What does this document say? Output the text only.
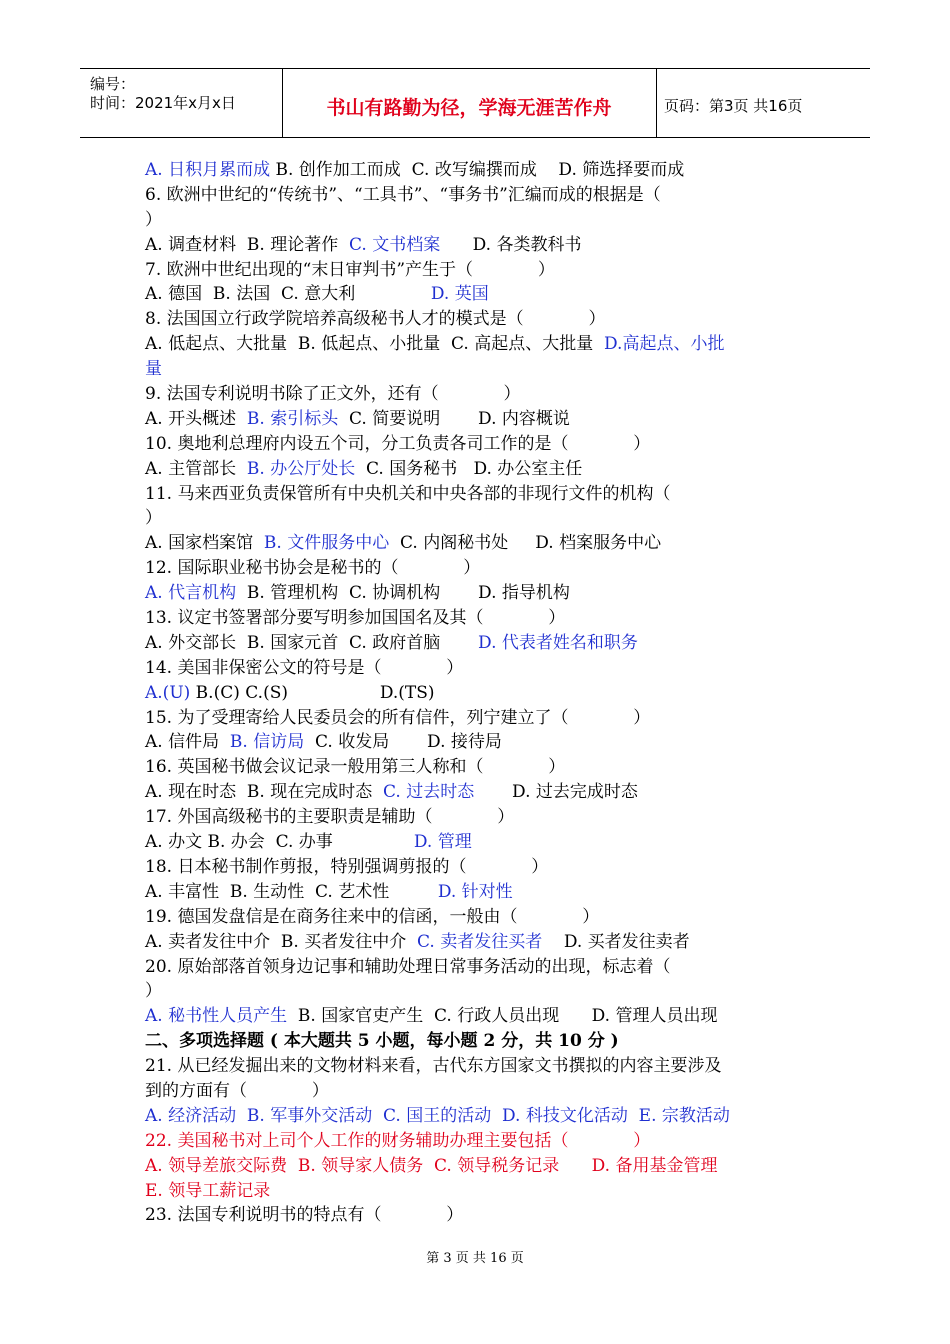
编号：
时间：2021年x月x日	书山有路勤为径，学海无涯苦作舟	页码：第3页 共16页
A. 日积月累而成 B. 创作加工而成  C. 改写编撰而成    D. 筛选择要而成
6. 欧洲中世纪的“传统书”、“工具书”、“事务书”汇编而成的根据是（
）
A. 调查材料  B. 理论著作  C. 文书档案      D. 各类教科书
7. 欧洲中世纪出现的“末日审判书”产生于（            ）
A. 德国  B. 法国  C. 意大利              D. 英国
8. 法国国立行政学院培养高级秘书人才的模式是（            ）
A. 低起点、大批量  B. 低起点、小批量  C. 高起点、大批量  D.高起点、小批
量
9. 法国专利说明书除了正文外，还有（            ）
A. 开头概述  B. 索引标头  C. 简要说明       D. 内容概说
10. 奥地利总理府内设五个司，分工负责各司工作的是（            ）
A. 主管部长  B. 办公厅处长  C. 国务秘书   D. 办公室主任
11. 马来西亚负责保管所有中央机关和中央各部的非现行文件的机构（
）
A. 国家档案馆  B. 文件服务中心  C. 内阁秘书处     D. 档案服务中心
12. 国际职业秘书协会是秘书的（            ）
A. 代言机构  B. 管理机构  C. 协调机构       D. 指导机构
13. 议定书签署部分要写明参加国国名及其（            ）
A. 外交部长  B. 国家元首  C. 政府首脑       D. 代表者姓名和职务
14. 美国非保密公文的符号是（            ）
A.(U) B.(C) C.(S)                 D.(TS)
15. 为了受理寄给人民委员会的所有信件，列宁建立了（            ）
A. 信件局  B. 信访局  C. 收发局       D. 接待局
16. 英国秘书做会议记录一般用第三人称和（            ）
A. 现在时态  B. 现在完成时态  C. 过去时态       D. 过去完成时态
17. 外国高级秘书的主要职责是辅助（            ）
A. 办文 B. 办会  C. 办事               D. 管理
18. 日本秘书制作剪报，特别强调剪报的（            ）
A. 丰富性  B. 生动性  C. 艺术性         D. 针对性
19. 德国发盘信是在商务往来中的信函，一般由（            ）
A. 卖者发往中介  B. 买者发往中介  C. 卖者发往买者    D. 买者发往卖者
20. 原始部落首领身边记事和辅助处理日常事务活动的出现，标志着（
）
A. 秘书性人员产生  B. 国家官吏产生  C. 行政人员出现      D. 管理人员出现
二、多项选择题 ( 本大题共 5 小题，每小题 2 分，共 10 分 )
21. 从已经发掘出来的文物材料来看，古代东方国家文书撰拟的内容主要涉及
到的方面有（            ）
A. 经济活动  B. 军事外交活动  C. 国王的活动  D. 科技文化活动  E. 宗教活动
22. 美国秘书对上司个人工作的财务辅助办理主要包括（            ）
A. 领导差旅交际费  B. 领导家人债务  C. 领导税务记录      D. 备用基金管理
E. 领导工薪记录
23. 法国专利说明书的特点有（            ）
第 3 页 共 16 页
